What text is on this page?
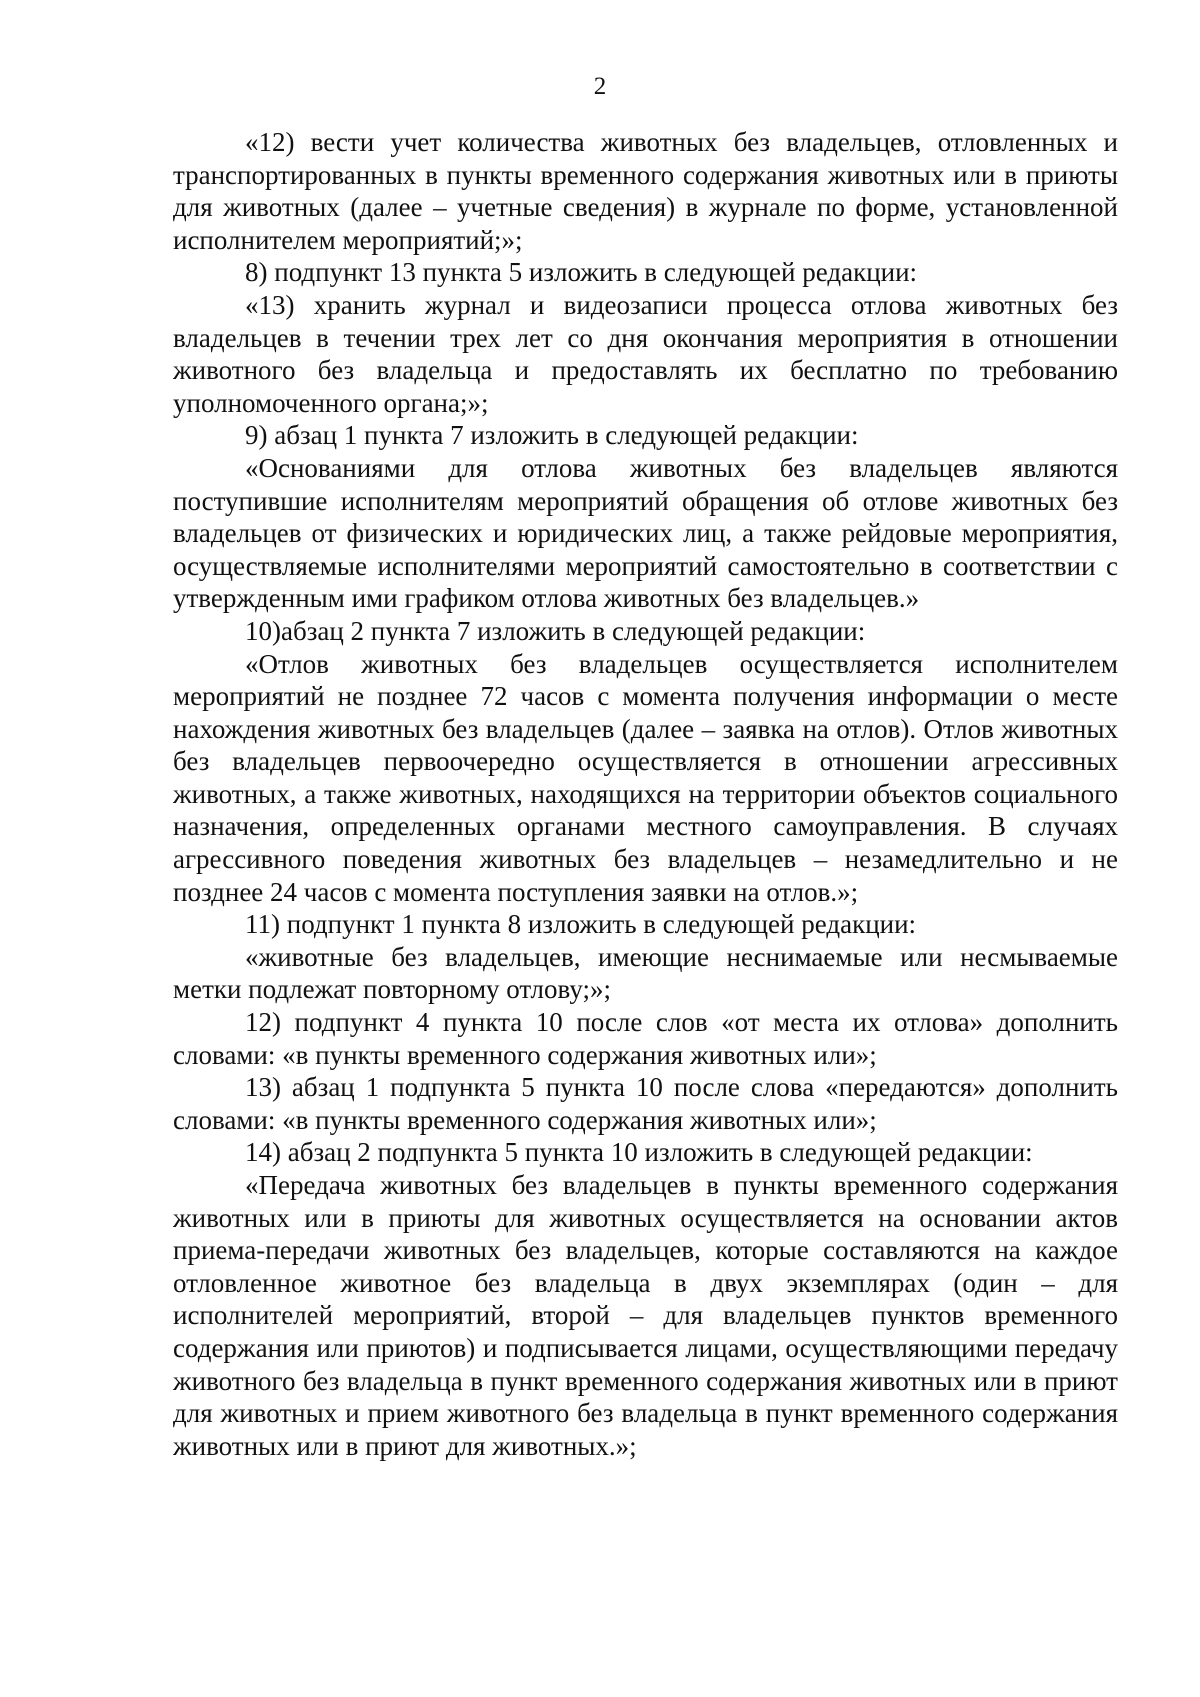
2

«12) вести учет количества животных без владельцев, отловленных и транспортированных в пункты временного содержания животных или в приюты для животных (далее – учетные сведения) в журнале по форме, установленной исполнителем мероприятий;»;

8) подпункт 13 пункта 5 изложить в следующей редакции:

«13) хранить журнал и видеозаписи процесса отлова животных без владельцев в течении трех лет со дня окончания мероприятия в отношении животного без владельца и предоставлять их бесплатно по требованию уполномоченного органа;»;

9) абзац 1 пункта 7 изложить в следующей редакции:

«Основаниями для отлова животных без владельцев являются поступившие исполнителям мероприятий обращения об отлове животных без владельцев от физических и юридических лиц, а также рейдовые мероприятия, осуществляемые исполнителями мероприятий самостоятельно в соответствии с утвержденным ими графиком отлова животных без владельцев.»

10)абзац 2 пункта 7 изложить в следующей редакции:

«Отлов животных без владельцев осуществляется исполнителем мероприятий не позднее 72 часов с момента получения информации о месте нахождения животных без владельцев (далее – заявка на отлов). Отлов животных без владельцев первоочередно осуществляется в отношении агрессивных животных, а также животных, находящихся на территории объектов социального назначения, определенных органами местного самоуправления. В случаях агрессивного поведения животных без владельцев – незамедлительно и не позднее 24 часов с момента поступления заявки на отлов.»;

11) подпункт 1 пункта 8 изложить в следующей редакции:

«животные без владельцев, имеющие неснимаемые или несмываемые метки подлежат повторному отлову;»;

12) подпункт 4 пункта 10 после слов «от места их отлова» дополнить словами: «в пункты временного содержания животных или»;

13) абзац 1 подпункта 5 пункта 10 после слова «передаются» дополнить словами: «в пункты временного содержания животных или»;

14) абзац 2 подпункта 5 пункта 10 изложить в следующей редакции:

«Передача животных без владельцев в пункты временного содержания животных или в приюты для животных осуществляется на основании актов приема-передачи животных без владельцев, которые составляются на каждое отловленное животное без владельца в двух экземплярах (один – для исполнителей мероприятий, второй – для владельцев пунктов временного содержания или приютов) и подписывается лицами, осуществляющими передачу животного без владельца в пункт временного содержания животных или в приют для животных и прием животного без владельца в пункт временного содержания животных или в приют для животных.»;
